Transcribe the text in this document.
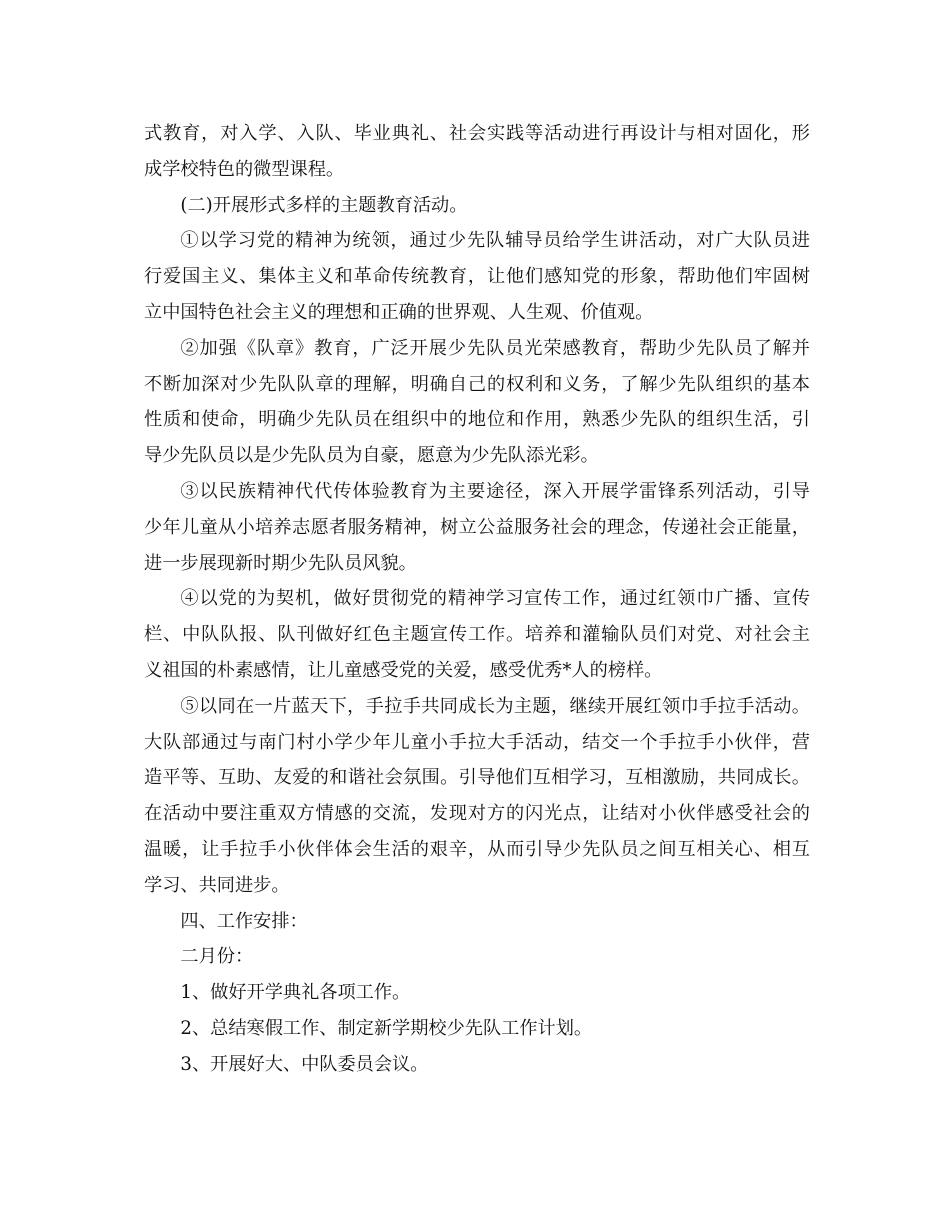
式教育，对入学、入队、毕业典礼、社会实践等活动进行再设计与相对固化，形
成学校特色的微型课程。

(二)开展形式多样的主题教育活动。

①以学习党的精神为统领，通过少先队辅导员给学生讲活动，对广大队员进
行爱国主义、集体主义和革命传统教育，让他们感知党的形象，帮助他们牢固树
立中国特色社会主义的理想和正确的世界观、人生观、价值观。

②加强《队章》教育，广泛开展少先队员光荣感教育，帮助少先队员了解并
不断加深对少先队队章的理解，明确自己的权利和义务，了解少先队组织的基本
性质和使命，明确少先队员在组织中的地位和作用，熟悉少先队的组织生活，引
导少先队员以是少先队员为自豪，愿意为少先队添光彩。

③以民族精神代代传体验教育为主要途径，深入开展学雷锋系列活动，引导
少年儿童从小培养志愿者服务精神，树立公益服务社会的理念，传递社会正能量，
进一步展现新时期少先队员风貌。

④以党的为契机，做好贯彻党的精神学习宣传工作，通过红领巾广播、宣传
栏、中队队报、队刊做好红色主题宣传工作。培养和灌输队员们对党、对社会主
义祖国的朴素感情，让儿童感受党的关爱，感受优秀*人的榜样。

⑤以同在一片蓝天下，手拉手共同成长为主题，继续开展红领巾手拉手活动。
大队部通过与南门村小学少年儿童小手拉大手活动，结交一个手拉手小伙伴，营
造平等、互助、友爱的和谐社会氛围。引导他们互相学习，互相激励，共同成长。
在活动中要注重双方情感的交流，发现对方的闪光点，让结对小伙伴感受社会的
温暖，让手拉手小伙伴体会生活的艰辛，从而引导少先队员之间互相关心、相互
学习、共同进步。

四、工作安排：

二月份：

1、做好开学典礼各项工作。

2、总结寒假工作、制定新学期校少先队工作计划。

3、开展好大、中队委员会议。
